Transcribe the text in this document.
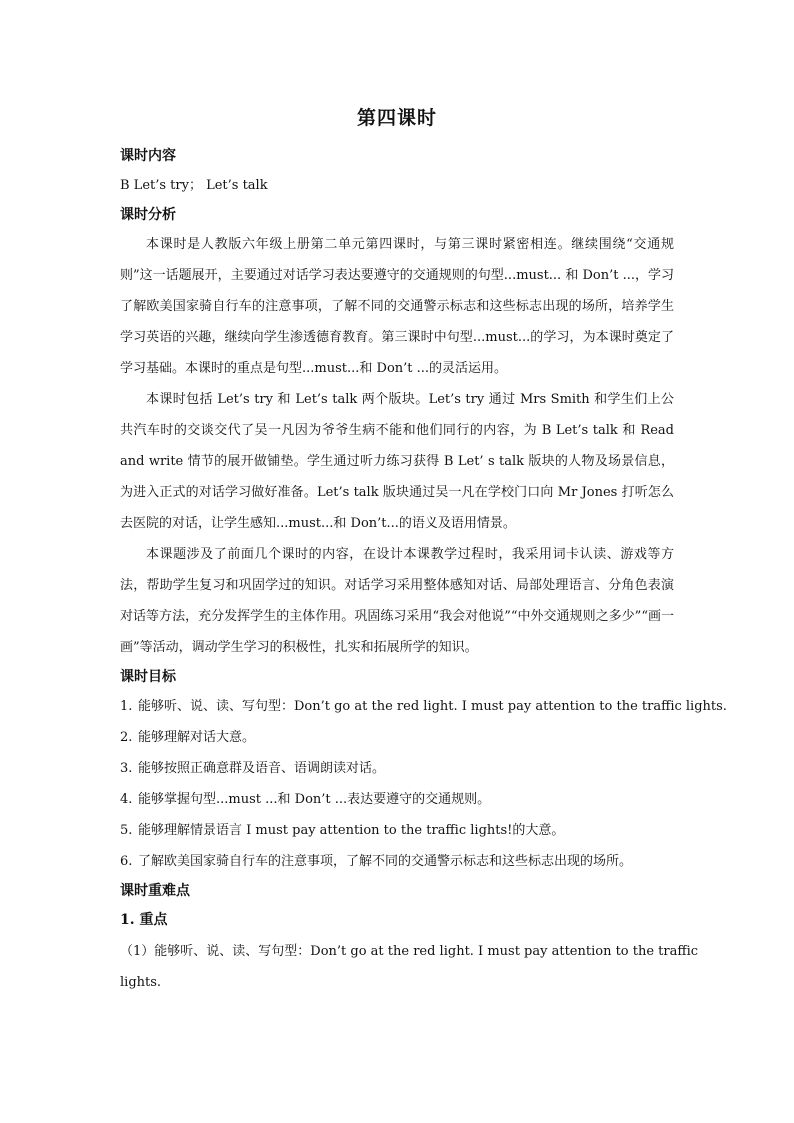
第四课时

课时内容

B Let’s try； Let’s talk

课时分析

本课时是人教版六年级上册第二单元第四课时，与第三课时紧密相连。继续围绕“交通规则”这一话题展开，主要通过对话学习表达要遵守的交通规则的句型...must... 和 Don’t ...，学习了解欧美国家骑自行车的注意事项，了解不同的交通警示标志和这些标志出现的场所，培养学生学习英语的兴趣，继续向学生渗透德育教育。第三课时中句型...must...的学习，为本课时奠定了学习基础。本课时的重点是句型...must...和 Don’t ...的灵活运用。

本课时包括 Let’s try 和 Let’s talk 两个版块。Let’s try 通过 Mrs Smith 和学生们上公共汽车时的交谈交代了吴一凡因为爷爷生病不能和他们同行的内容，为 B Let’s talk 和 Read and write 情节的展开做铺垫。学生通过听力练习获得 B Let’ s talk 版块的人物及场景信息，为进入正式的对话学习做好准备。Let’s talk 版块通过吴一凡在学校门口向 Mr Jones 打听怎么去医院的对话，让学生感知...must...和 Don’t...的语义及语用情景。

本课题涉及了前面几个课时的内容，在设计本课教学过程时，我采用词卡认读、游戏等方法，帮助学生复习和巩固学过的知识。对话学习采用整体感知对话、局部处理语言、分角色表演对话等方法，充分发挥学生的主体作用。巩固练习采用“我会对他说”“中外交通规则之多少”“画一画”等活动，调动学生学习的积极性，扎实和拓展所学的知识。

课时目标

1. 能够听、说、读、写句型：Don’t go at the red light. I must pay attention to the traffic lights.

2. 能够理解对话大意。

3. 能够按照正确意群及语音、语调朗读对话。

4. 能够掌握句型...must ...和 Don’t ...表达要遵守的交通规则。

5. 能够理解情景语言 I must pay attention to the traffic lights!的大意。

6. 了解欧美国家骑自行车的注意事项，了解不同的交通警示标志和这些标志出现的场所。

课时重难点

1. 重点

（1）能够听、说、读、写句型：Don’t go at the red light. I must pay attention to the traffic

lights.
